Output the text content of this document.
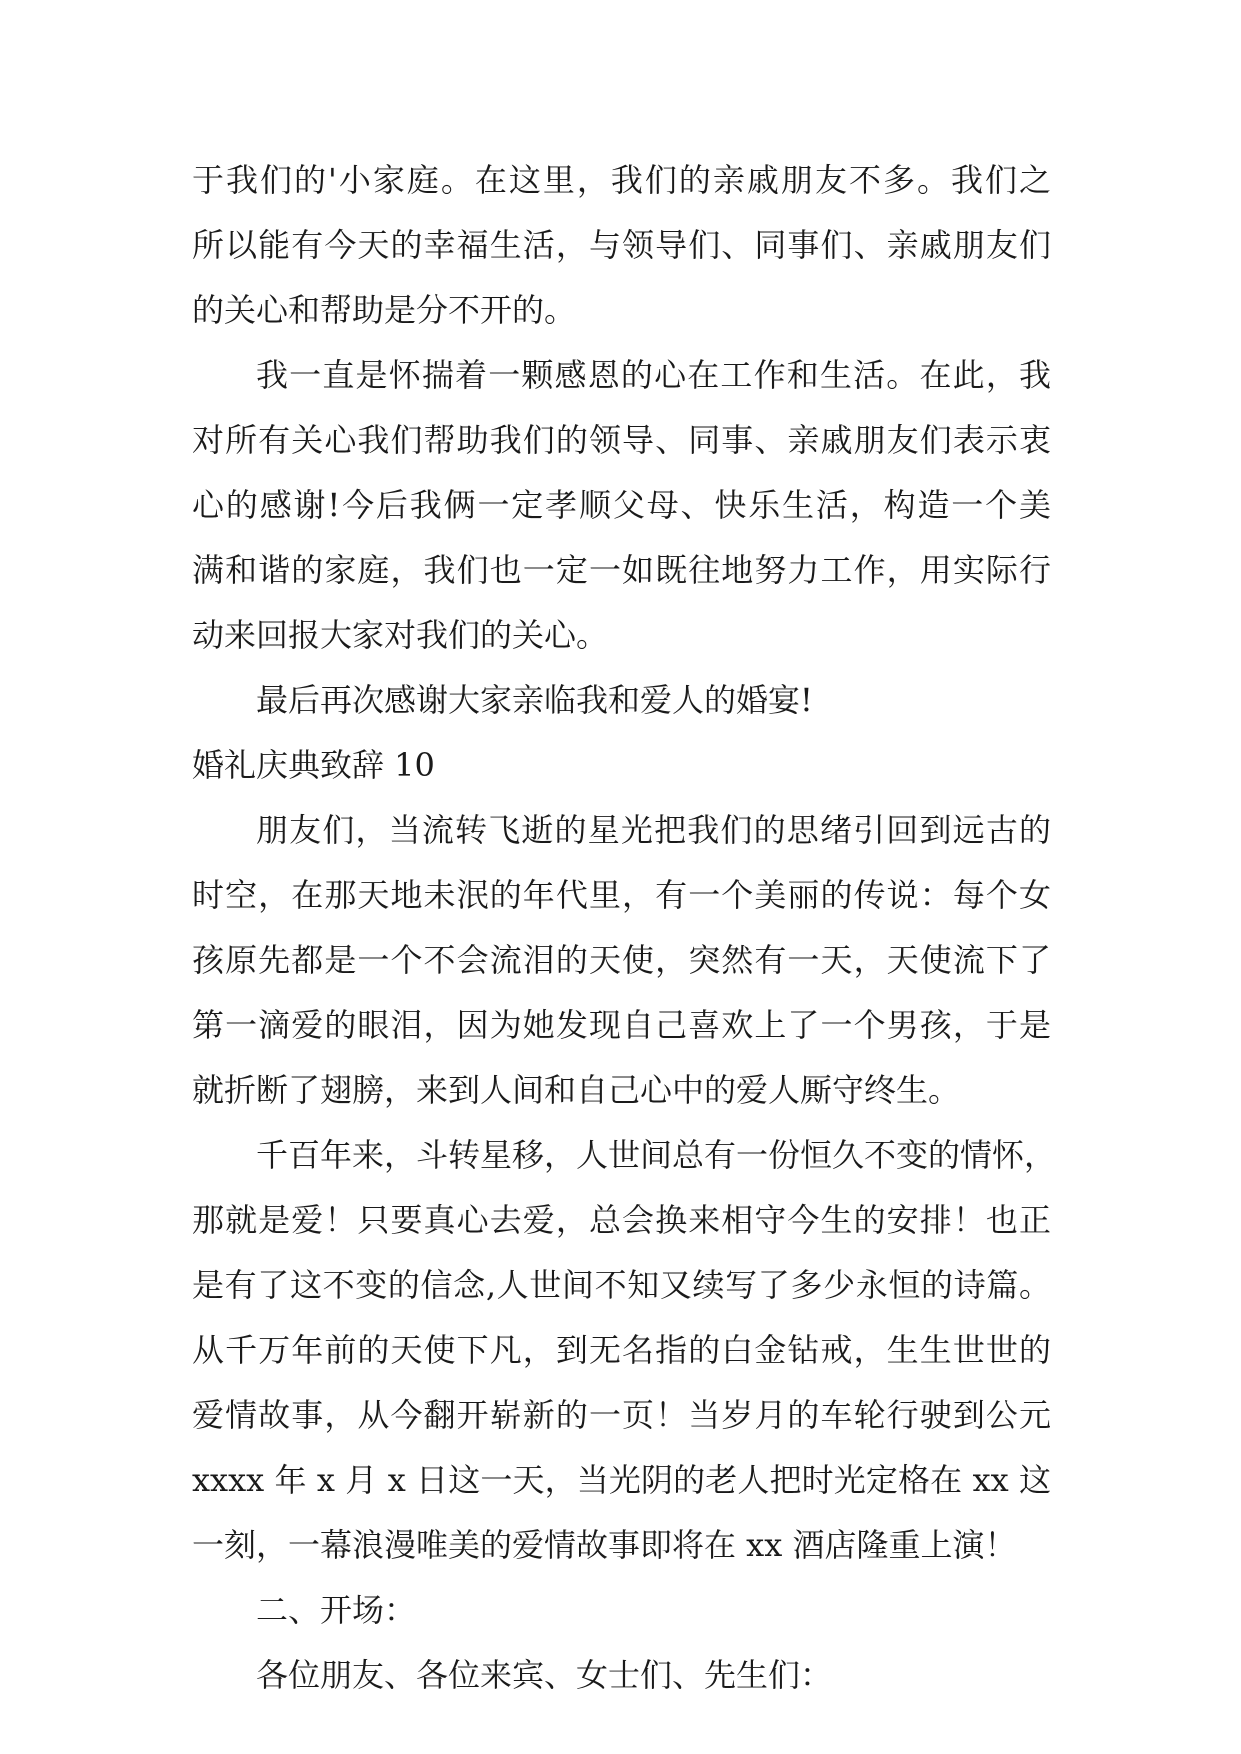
于我们的'小家庭。在这里，我们的亲戚朋友不多。我们之
所以能有今天的幸福生活，与领导们、同事们、亲戚朋友们
的关心和帮助是分不开的。
我一直是怀揣着一颗感恩的心在工作和生活。在此，我
对所有关心我们帮助我们的领导、同事、亲戚朋友们表示衷
心的感谢!今后我俩一定孝顺父母、快乐生活，构造一个美
满和谐的家庭，我们也一定一如既往地努力工作，用实际行
动来回报大家对我们的关心。
最后再次感谢大家亲临我和爱人的婚宴!
婚礼庆典致辞 10
朋友们，当流转飞逝的星光把我们的思绪引回到远古的
时空，在那天地未泯的年代里，有一个美丽的传说：每个女
孩原先都是一个不会流泪的天使，突然有一天，天使流下了
第一滴爱的眼泪，因为她发现自己喜欢上了一个男孩，于是
就折断了翅膀，来到人间和自己心中的爱人厮守终生。
千百年来，斗转星移，人世间总有一份恒久不变的情怀，
那就是爱！只要真心去爱，总会换来相守今生的安排！也正
是有了这不变的信念,人世间不知又续写了多少永恒的诗篇。
从千万年前的天使下凡，到无名指的白金钻戒，生生世世的
爱情故事，从今翻开崭新的一页！当岁月的车轮行驶到公元
xxxx 年 x 月 x 日这一天，当光阴的老人把时光定格在 xx 这
一刻，一幕浪漫唯美的爱情故事即将在 xx 酒店隆重上演！
二、开场：
各位朋友、各位来宾、女士们、先生们：
